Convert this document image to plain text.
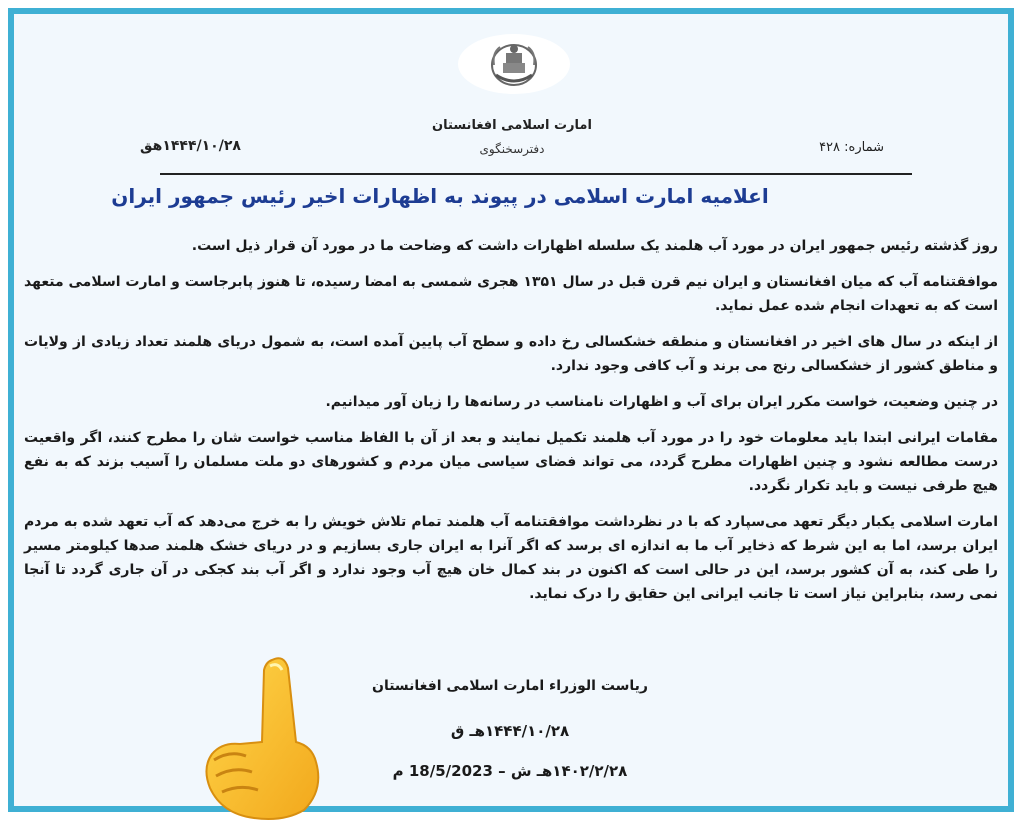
امارت اسلامی افغانستان
دفترسخنگوی	شماره: ۴۲۸
۱۴۴۴/۱۰/۲۸هق
اعلامیه امارت اسلامی در پیوند به اظهارات اخیر رئیس جمهور ایران

روز گذشته رئیس جمهور ایران در مورد آب هلمند یک سلسله اظهارات داشت که وضاحت ما در مورد آن قرار ذیل است.

موافقتنامه آب که میان افغانستان و ایران نیم قرن قبل در سال ۱۳۵۱ هجری شمسی به امضا رسیده، تا هنوز پابرجاست و امارت اسلامی متعهد است که به تعهدات انجام شده عمل نماید.

از اینکه در سال های اخیر در افغانستان و منطقه خشکسالی رخ داده و سطح آب پایین آمده است، به شمول دریای هلمند تعداد زیادی از ولایات و مناطق کشور از خشکسالی رنج می برند و آب کافی وجود ندارد.

در چنین وضعیت، خواست مکرر ایران برای آب و اظهارات نامناسب در رسانه‌ها را زیان آور میدانیم.

مقامات ایرانی ابتدا باید معلومات خود را در مورد آب هلمند تکمیل نمایند و بعد از آن با الفاظ مناسب خواست شان را مطرح کنند، اگر واقعیت درست مطالعه نشود و چنین اظهارات مطرح گردد، می تواند فضای سیاسی میان مردم و کشورهای دو ملت مسلمان را آسیب بزند که به نفع هیچ طرفی نیست و باید تکرار نگردد.

امارت اسلامی یکبار دیگر تعهد می‌سپارد که با در نظرداشت موافقتنامه آب هلمند تمام تلاش خویش را به خرج می‌دهد که آب تعهد شده به مردم ایران برسد، اما به این شرط که ذخایر آب ما به اندازه ای برسد که اگر آنرا به ایران جاری بسازیم و در دریای خشک هلمند صدها کیلومتر مسیر را طی کند، به آن کشور برسد، این در حالی است که اکنون در بند کمال خان هیچ آب وجود ندارد و اگر آب بند کجکی در آن جاری گردد تا آنجا نمی رسد، بنابراین نیاز است تا جانب ایرانی این حقایق را درک نماید.

ریاست الوزراء امارت اسلامی افغانستان
۱۴۴۴/۱۰/۲۸هـ ق
۱۴۰۲/۲/۲۸هـ ش – 18/5/2023 م
